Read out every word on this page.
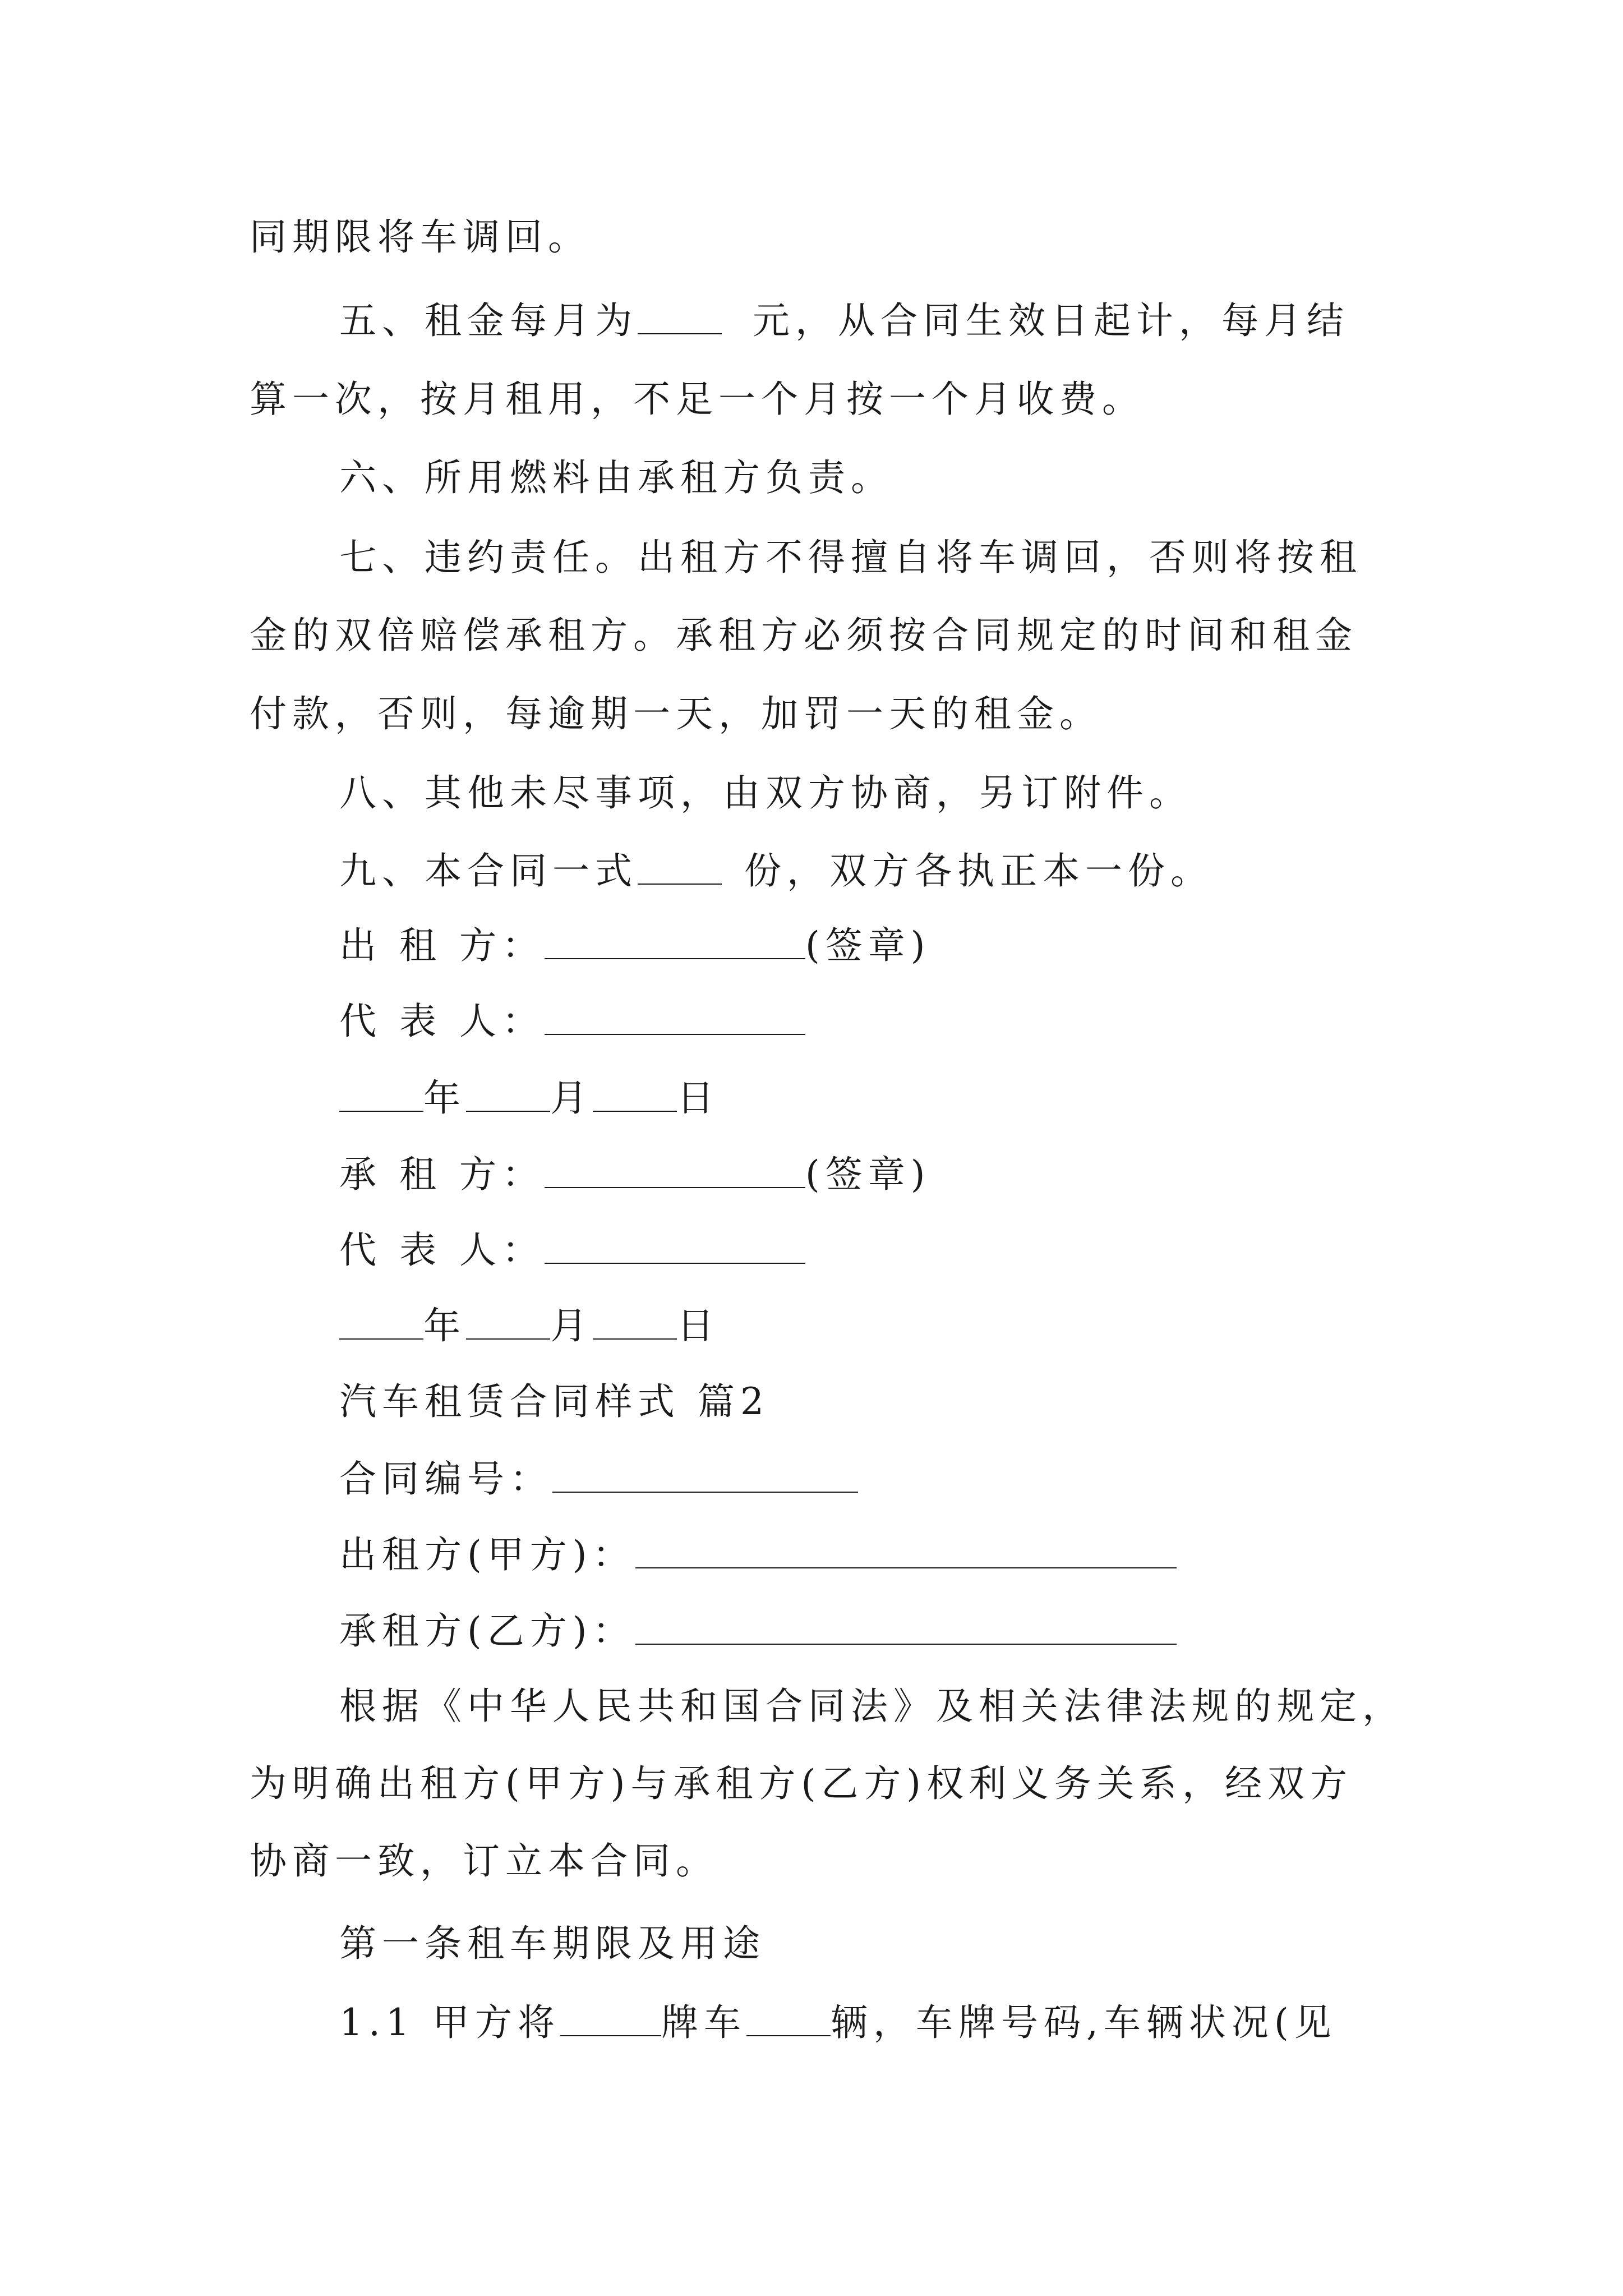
同期限将车调回。
五、租金每月为	元，从合同生效日起计，每月结
算一次，按月租用，不足一个月按一个月收费。
六、所用燃料由承租方负责。
七、违约责任。出租方不得擅自将车调回，否则将按租
金的双倍赔偿承租方。承租方必须按合同规定的时间和租金
付款，否则，每逾期一天，加罚一天的租金。
八、其他未尽事项，由双方协商，另订附件。
九、本合同一式	份，双方各执正本一份。
出 租 方：	(签章)
代 表 人：
年 月 日
承 租 方：	(签章)
代 表 人：
年 月 日
汽车租赁合同样式 篇2
合同编号：
出租方(甲方)：
承租方(乙方)：
根据《中华人民共和国合同法》及相关法律法规的规定，
为明确出租方(甲方)与承租方(乙方)权利义务关系，经双方
协商一致，订立本合同。
第一条租车期限及用途
1.1 甲方将	牌车 辆，车牌号码,车辆状况(见
